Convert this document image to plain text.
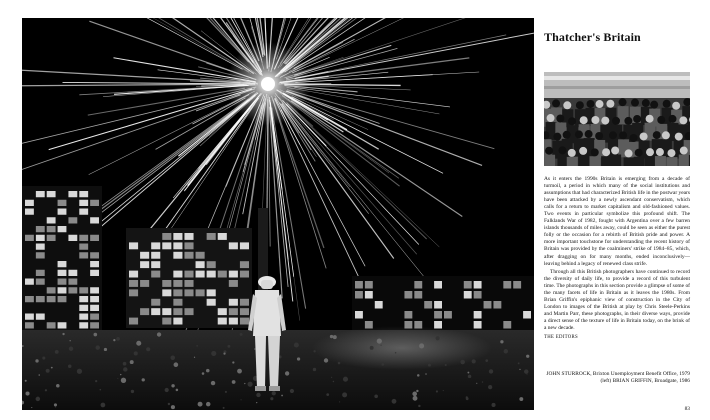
Thatcher's Britain

As it enters the 1990s Britain is emerging from a decade of turmoil, a period in which many of the social institutions and assumptions that had characterized British life in the postwar years have been attacked by a newly ascendant conservatism, which calls for a return to market capitalism and old-fashioned values. Two events in particular symbolize this profound shift. The Falklands War of 1982, fought with Argentina over a few barren islands thousands of miles away, could be seen as either the purest folly or the occasion for a rebirth of British pride and power. A more important touchstone for understanding the recent history of Britain was provided by the coalminers' strike of 1984–85, which, after dragging on for many months, ended inconclusively—leaving behind a legacy of renewed class strife.

Through all this British photographers have continued to record the diversity of daily life, to provide a record of this turbulent time. The photographs in this section provide a glimpse of some of the many facets of life in Britain as it leaves the 1980s. From Brian Griffin's epiphanic view of construction in the City of London to images of the British at play by Chris Steele-Perkins and Martin Parr, these photographs, in their diverse ways, provide a direct sense of the texture of life in Britain today, on the brink of a new decade.

THE EDITORS
JOHN STURROCK, Brixton Unemployment Benefit Office, 1979
(left) BRIAN GRIFFIN, Broadgate, 1986
83
